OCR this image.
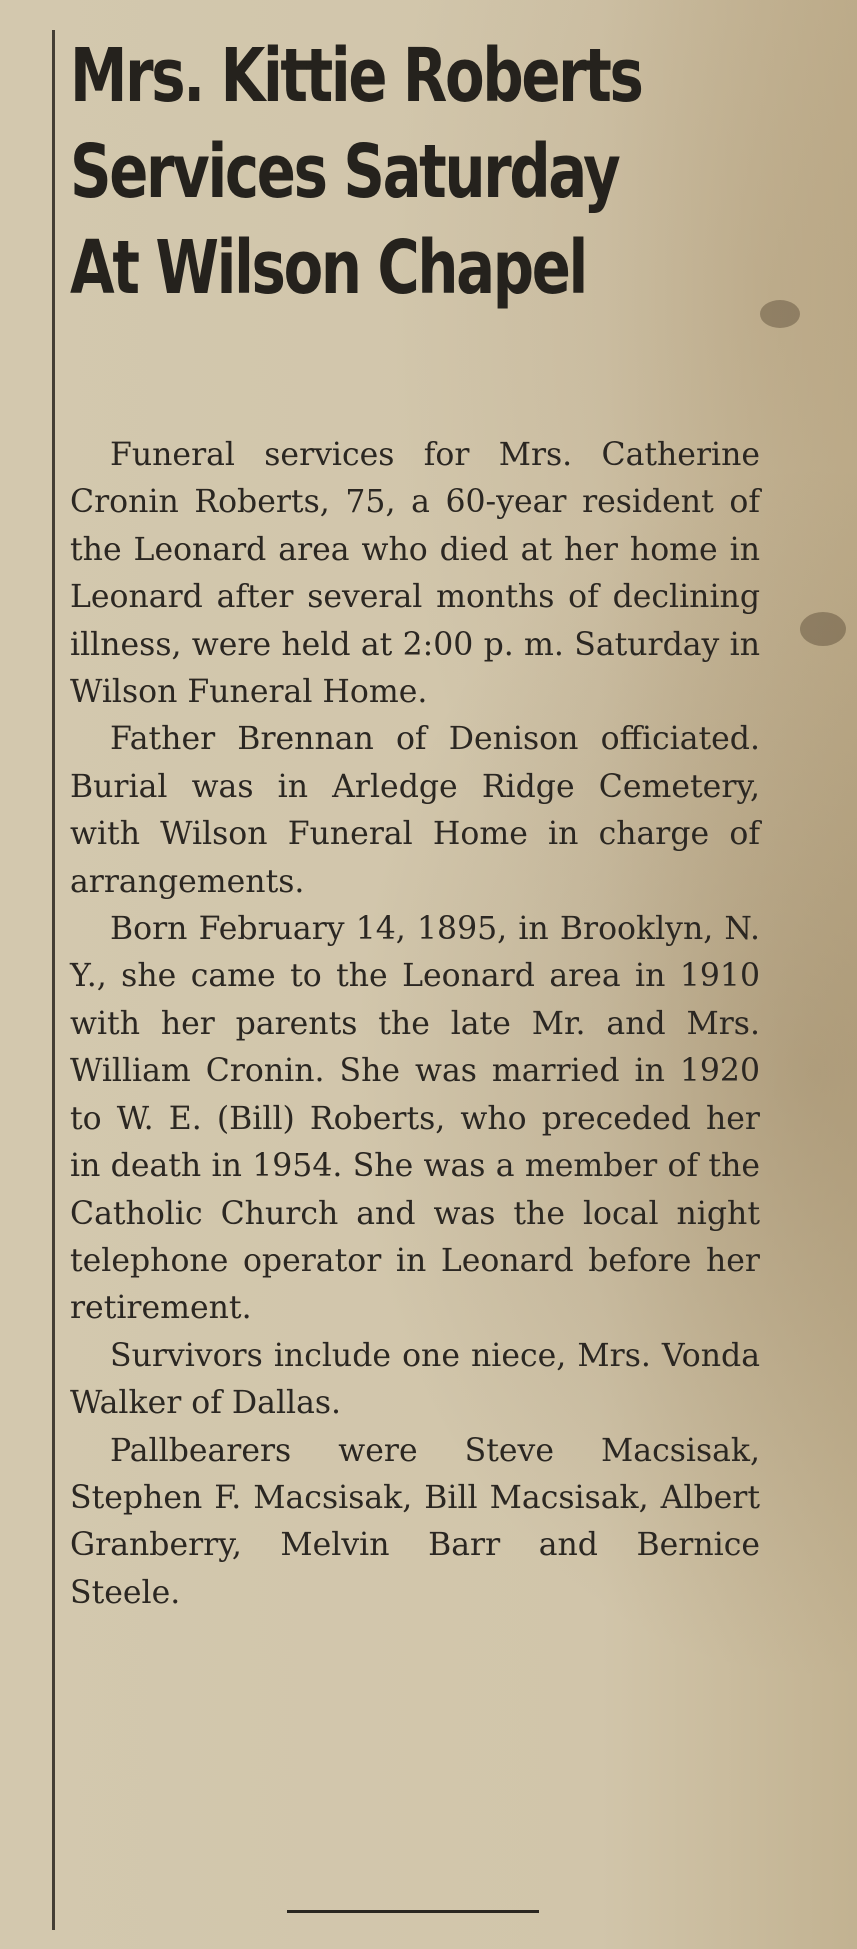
Mrs. Kittie Roberts
Services Saturday
At Wilson Chapel

Funeral services for Mrs. Catherine Cronin Roberts, 75, a 60-year resident of the Leonard area who died at her home in Leonard after several months of declining illness, were held at 2:00 p. m. Saturday in Wilson Funeral Home.

Father Brennan of Denison officiated. Burial was in Arledge Ridge Cemetery, with Wilson Funeral Home in charge of arrangements.

Born February 14, 1895, in Brooklyn, N. Y., she came to the Leonard area in 1910 with her parents the late Mr. and Mrs. William Cronin. She was married in 1920 to W. E. (Bill) Roberts, who preceded her in death in 1954. She was a member of the Catholic Church and was the local night telephone operator in Leonard before her retirement.

Survivors include one niece, Mrs. Vonda Walker of Dallas.

Pallbearers were Steve Macsisak, Stephen F. Macsisak, Bill Macsisak, Albert Granberry, Melvin Barr and Bernice Steele.
